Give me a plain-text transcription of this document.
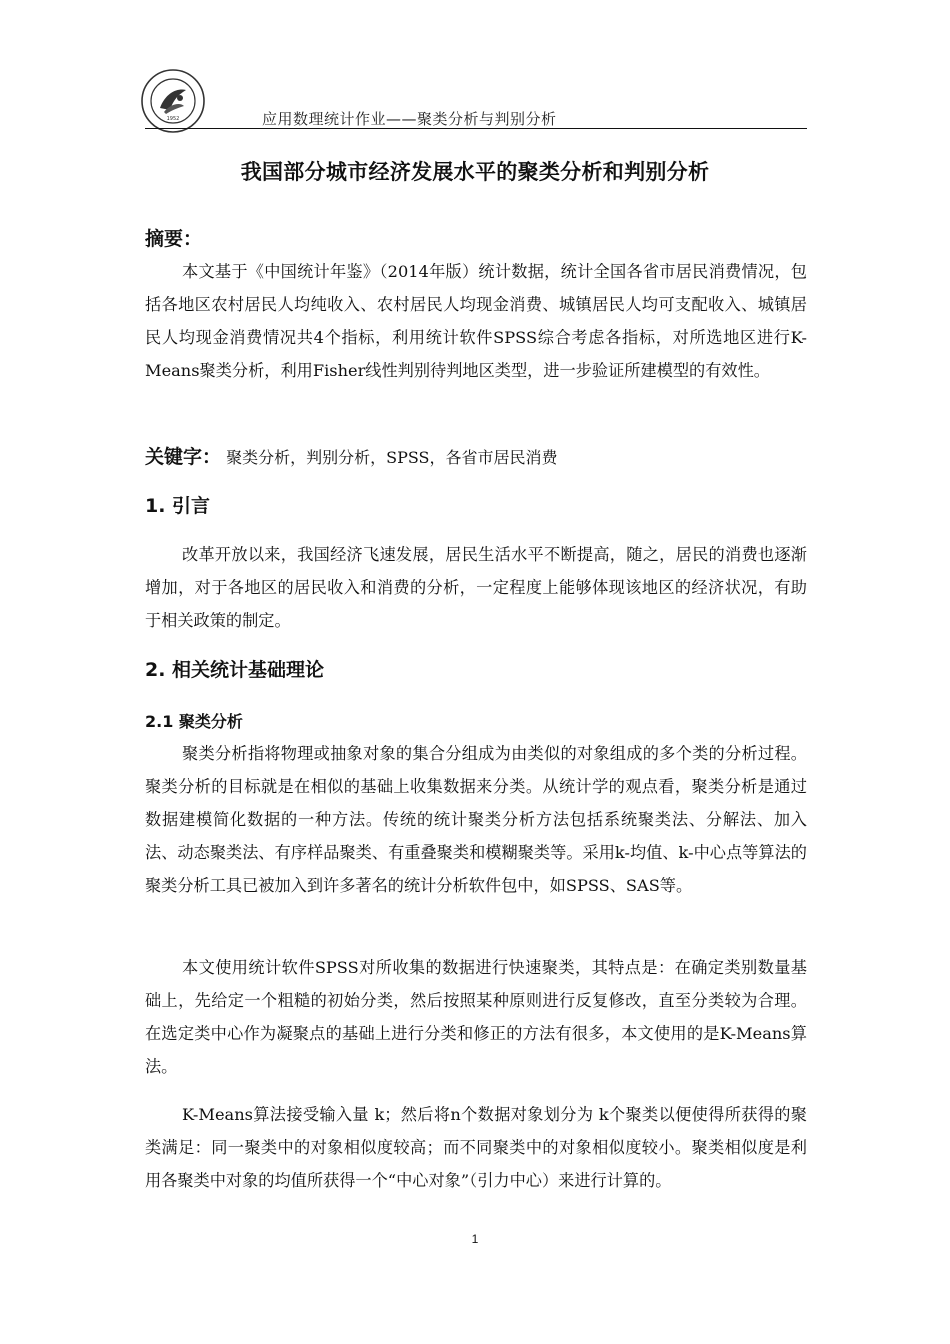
1952	应用数理统计作业——聚类分析与判别分析
我国部分城市经济发展水平的聚类分析和判别分析
摘要：

本文基于《中国统计年鉴》（2014年版）统计数据，统计全国各省市居民消费情况，包括各地区农村居民人均纯收入、农村居民人均现金消费、城镇居民人均可支配收入、城镇居民人均现金消费情况共4个指标，利用统计软件SPSS综合考虑各指标，对所选地区进行K-Means聚类分析，利用Fisher线性判别待判地区类型，进一步验证所建模型的有效性。

关键字： 聚类分析，判别分析，SPSS，各省市居民消费
1. 引言

改革开放以来，我国经济飞速发展，居民生活水平不断提高，随之，居民的消费也逐渐增加，对于各地区的居民收入和消费的分析，一定程度上能够体现该地区的经济状况，有助于相关政策的制定。

2. 相关统计基础理论
2.1 聚类分析

聚类分析指将物理或抽象对象的集合分组成为由类似的对象组成的多个类的分析过程。聚类分析的目标就是在相似的基础上收集数据来分类。从统计学的观点看，聚类分析是通过数据建模简化数据的一种方法。传统的统计聚类分析方法包括系统聚类法、分解法、加入法、动态聚类法、有序样品聚类、有重叠聚类和模糊聚类等。采用k-均值、k-中心点等算法的聚类分析工具已被加入到许多著名的统计分析软件包中，如SPSS、SAS等。

本文使用统计软件SPSS对所收集的数据进行快速聚类，其特点是：在确定类别数量基础上，先给定一个粗糙的初始分类，然后按照某种原则进行反复修改，直至分类较为合理。在选定类中心作为凝聚点的基础上进行分类和修正的方法有很多，本文使用的是K-Means算法。

K-Means算法接受输入量 k；然后将n个数据对象划分为 k个聚类以便使得所获得的聚类满足：同一聚类中的对象相似度较高；而不同聚类中的对象相似度较小。聚类相似度是利用各聚类中对象的均值所获得一个“中心对象”（引力中心）来进行计算的。

1
